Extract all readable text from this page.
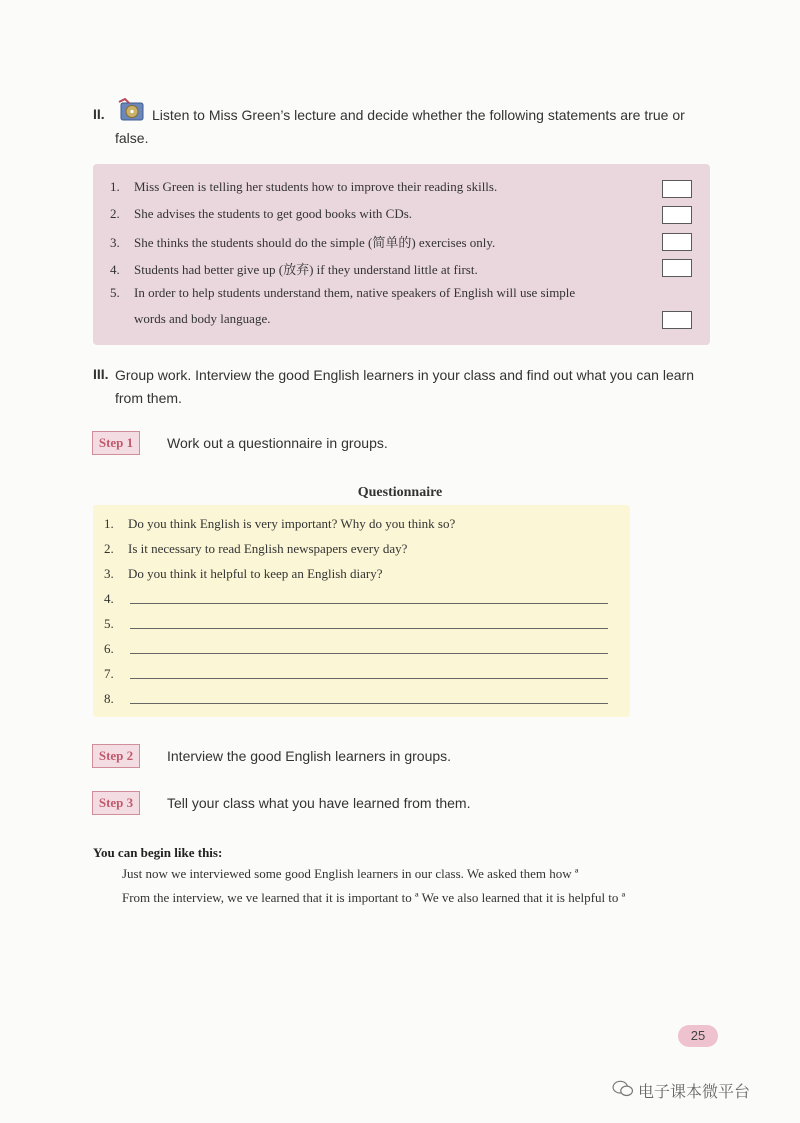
II.	Listen to Miss Green’s lecture and decide whether the following statements are true or false.
1. Miss Green is telling her students how to improve their reading skills.
2. She advises the students to get good books with CDs.
3. She thinks the students should do the simple (简单的) exercises only.
4. Students had better give up (放弃) if they understand little at first.
5. In order to help students understand them, native speakers of English will use simple
words and body language.
III. Group work. Interview the good English learners in your class and find out what you can learn from them.
Step 1	Work out a questionnaire in groups.
Questionnaire
1. Do you think English is very important? Why do you think so?
2. Is it necessary to read English newspapers every day?
3. Do you think it helpful to keep an English diary?
4.
5.
6.
7.
8.
Step 2	Interview the good English learners in groups.
Step 3	Tell your class what you have learned from them.
You can begin like this:
Just now we interviewed some good English learners in our class. We asked them how ª
From the interview, we ve learned that it is important to ª We ve also learned that it is helpful to ª
25
电子课本微平台
